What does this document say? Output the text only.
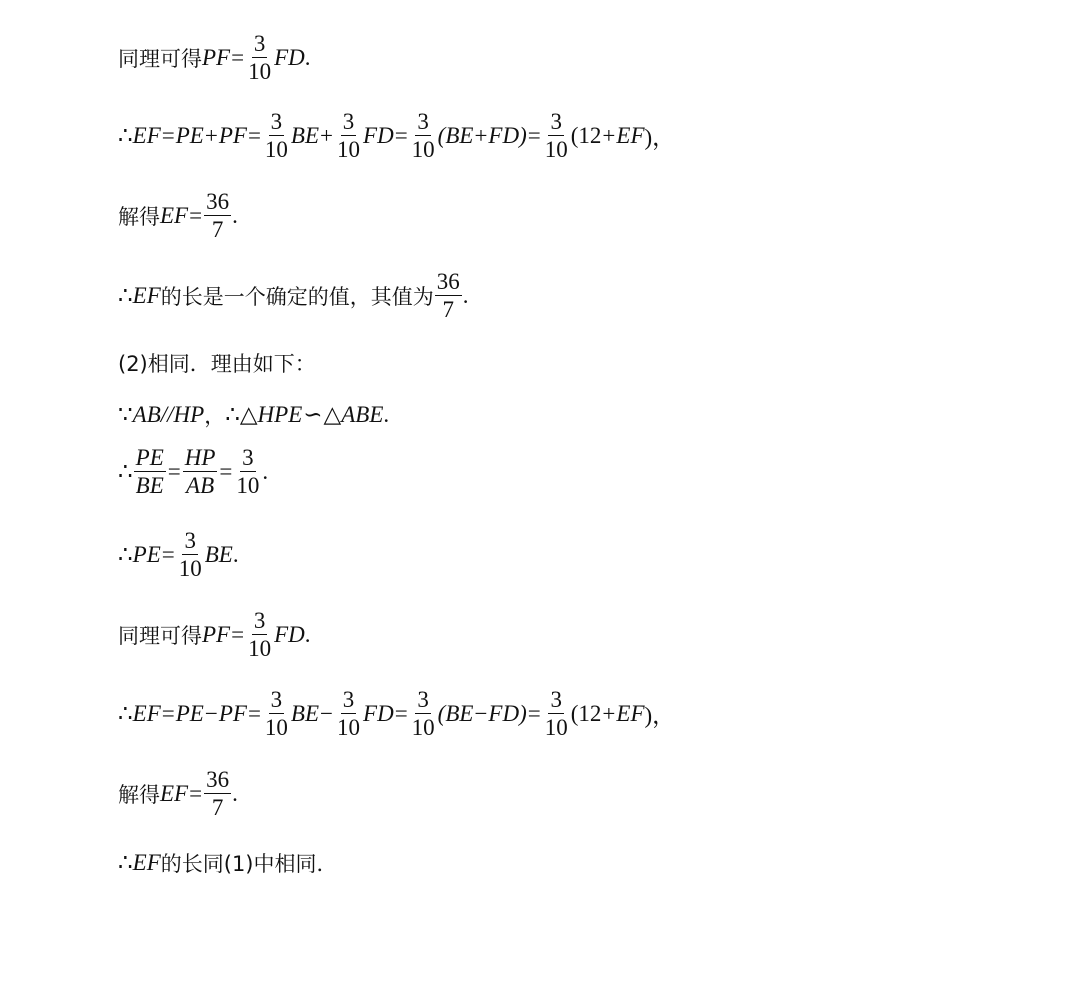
同理可得 PF = $\frac{3}{10}$ FD .
∴ EF = PE + PF = $\frac{3}{10}$ BE + $\frac{3}{10}$ FD = $\frac{3}{10} (BE + FD) = \frac{3}{10} (12$ + EF )，
解得 EF = $\frac{36}{7}$ .
∴ EF 的长是一个确定的值，其值为 $\frac{36}{7}$ .
(2)相同．理由如下：
∵ AB // HP ， ∴ △ HPE ∽ △ ABE .
∴ $\frac{PE}{BE} = \frac{HP}{AB} = \frac{3}{10}$ .
∴ PE = $\frac{3}{10}$ BE .
同理可得 PF = $\frac{3}{10}$ FD .
∴ EF = PE − PF = $\frac{3}{10}$ BE − $\frac{3}{10}$ FD = $\frac{3}{10} (BE - FD) = \frac{3}{10} (12$ + EF )，
解得 EF = $\frac{36}{7}$ .
∴ EF 的长同(1)中相同．
